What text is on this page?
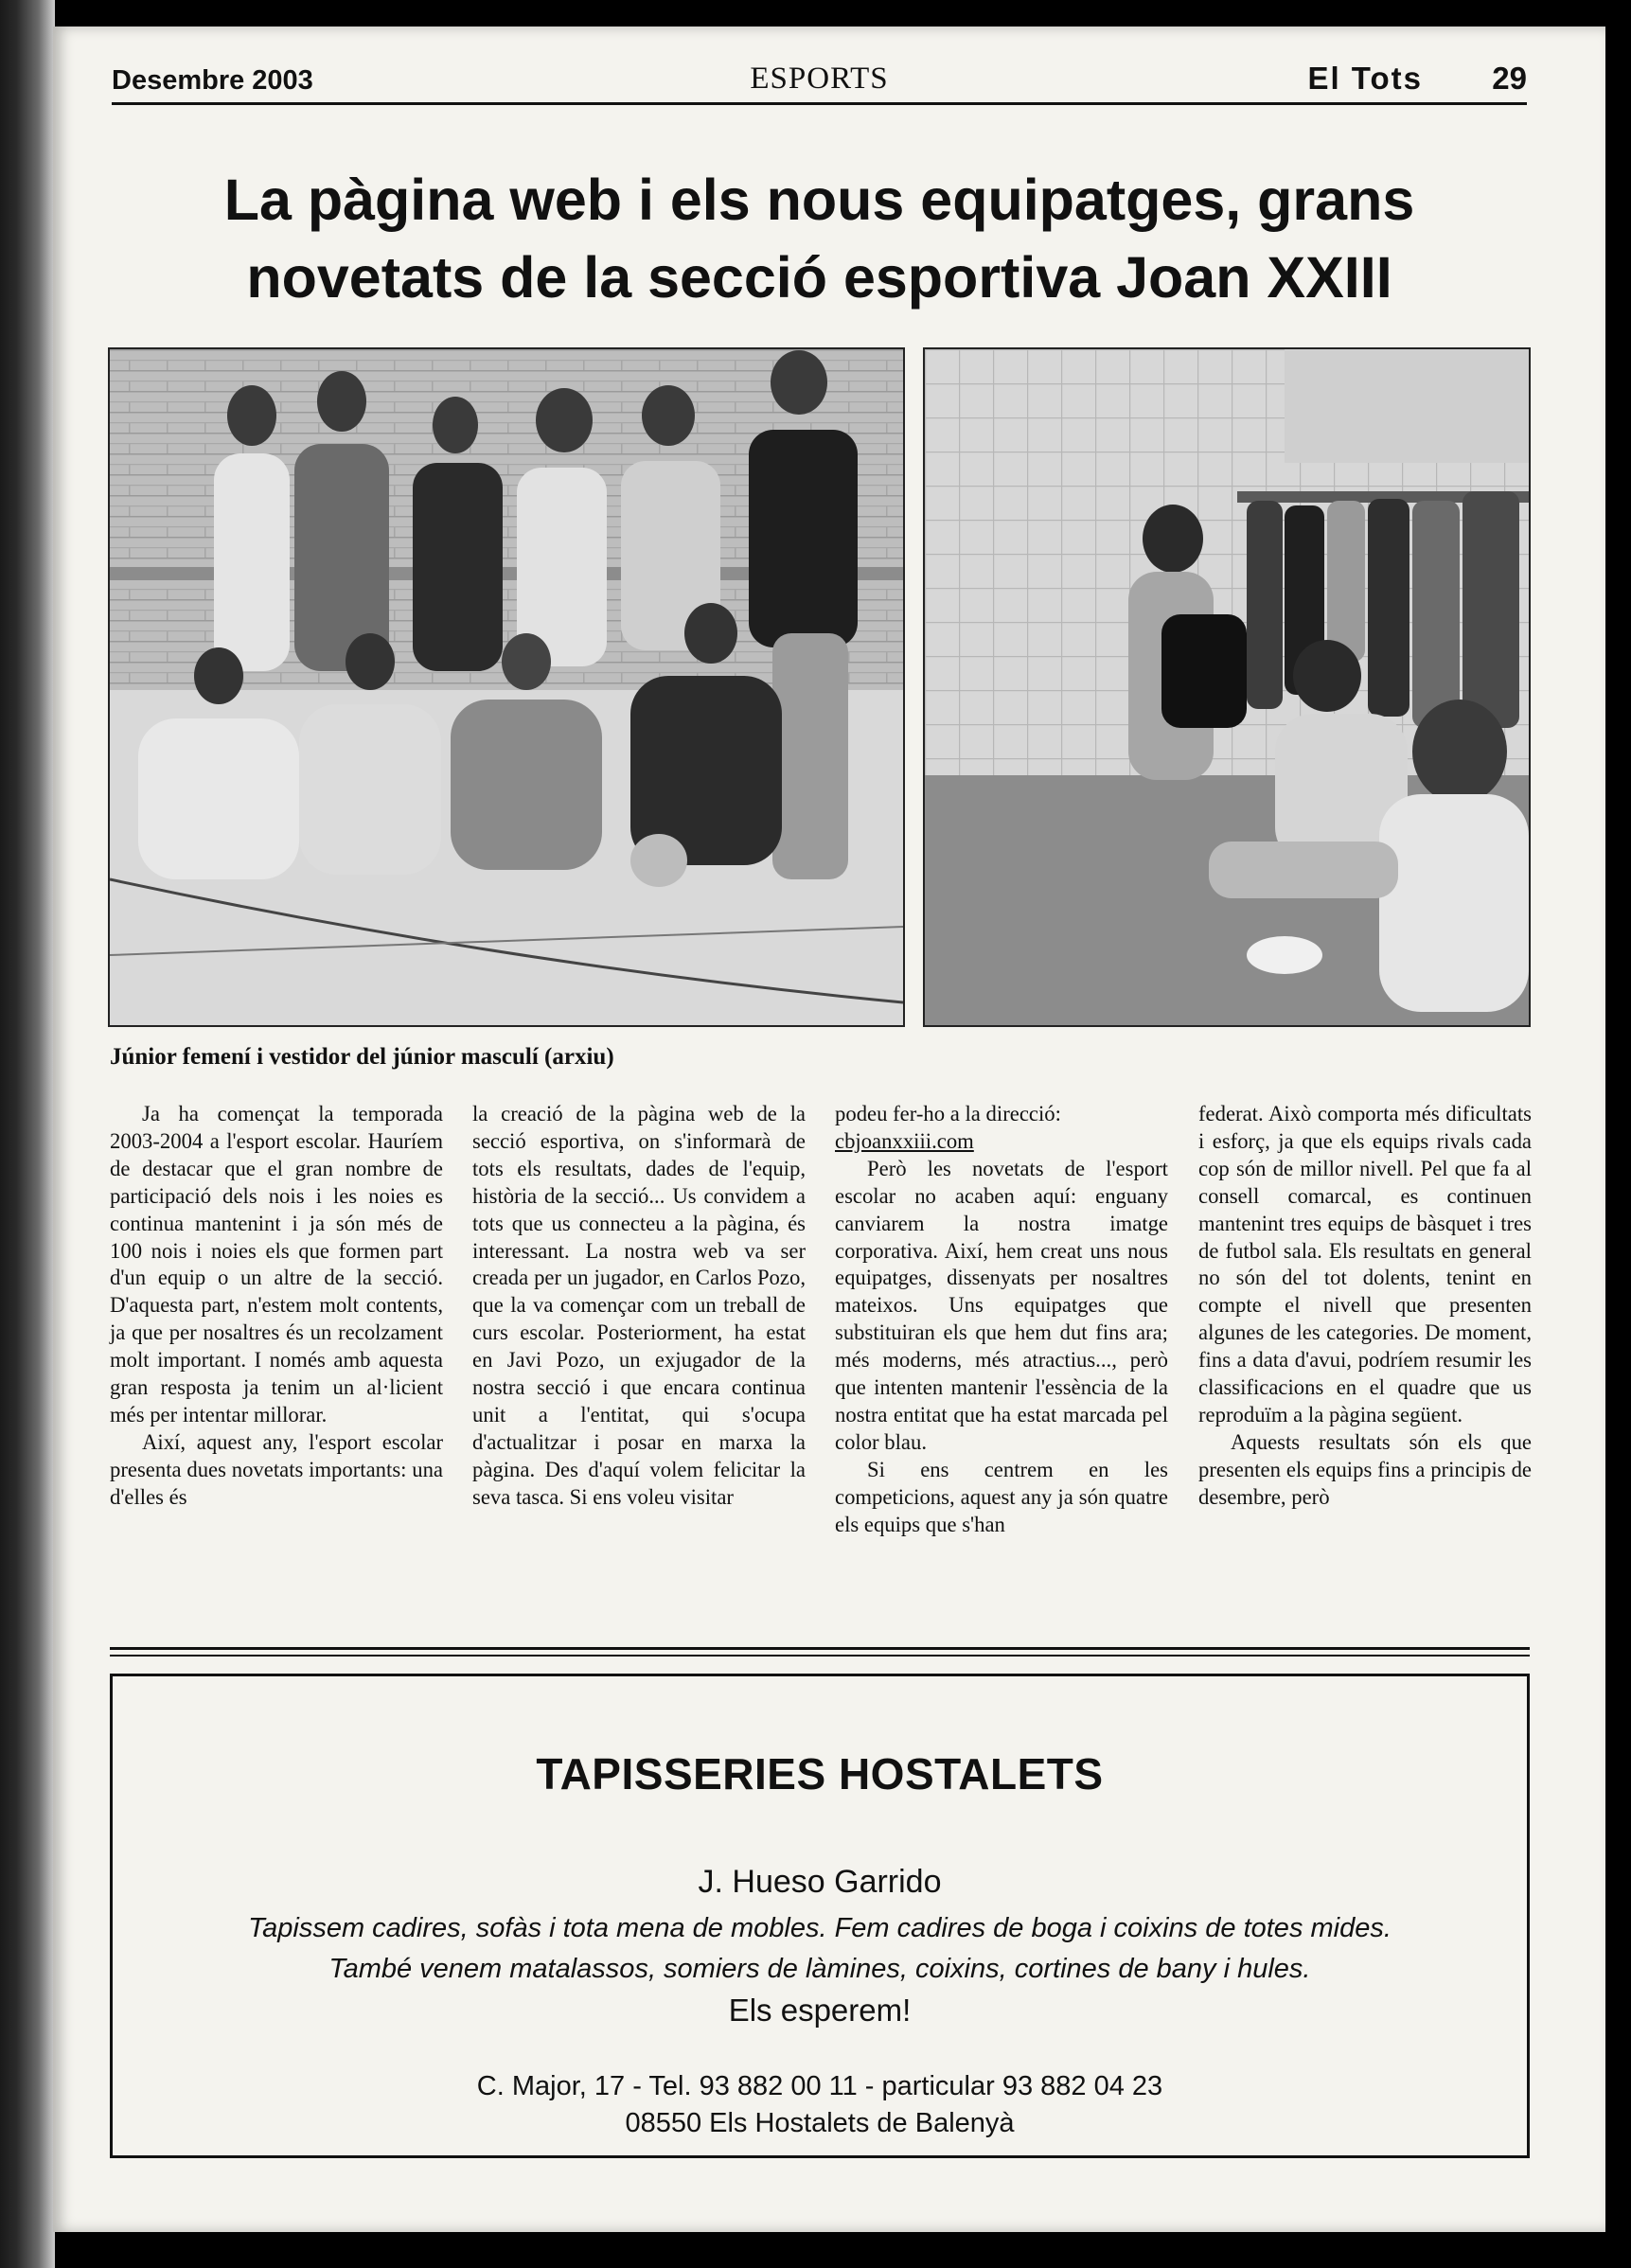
Desembre 2003	ESPORTS	El Tots 29
La pàgina web i els nous equipatges, grans
novetats de la secció esportiva Joan XXIII
Júnior femení i vestidor del júnior masculí (arxiu)

Ja ha començat la temporada 2003-2004 a l'esport escolar. Hauríem de destacar que el gran nombre de participació dels nois i les noies es continua mantenint i ja són més de 100 nois i noies els que formen part d'un equip o un altre de la secció. D'aquesta part, n'estem molt contents, ja que per nosaltres és un recolzament molt important. I només amb aquesta gran resposta ja tenim un al·licient més per intentar millorar.

Així, aquest any, l'esport escolar presenta dues novetats importants: una d'elles és

la creació de la pàgina web de la secció esportiva, on s'informarà de tots els resultats, dades de l'equip, història de la secció... Us convidem a tots que us connecteu a la pàgina, és interessant. La nostra web va ser creada per un jugador, en Carlos Pozo, que la va començar com un treball de curs escolar. Posteriorment, ha estat en Javi Pozo, un exjugador de la nostra secció i que encara continua unit a l'entitat, qui s'ocupa d'actualitzar i posar en marxa la pàgina. Des d'aquí volem felicitar la seva tasca. Si ens voleu visitar

podeu fer-ho a la direcció:
cbjoanxxiii.com

Però les novetats de l'esport escolar no acaben aquí: enguany canviarem la nostra imatge corporativa. Així, hem creat uns nous equipatges, dissenyats per nosaltres mateixos. Uns equipatges que substituiran els que hem dut fins ara; més moderns, més atractius..., però que intenten mantenir l'essència de la nostra entitat que ha estat marcada pel color blau.

Si ens centrem en les competicions, aquest any ja són quatre els equips que s'han

federat. Això comporta més dificultats i esforç, ja que els equips rivals cada cop són de millor nivell. Pel que fa al consell comarcal, es continuen mantenint tres equips de bàsquet i tres de futbol sala. Els resultats en general no són del tot dolents, tenint en compte el nivell que presenten algunes de les categories. De moment, fins a data d'avui, podríem resumir les classificacions en el quadre que us reproduïm a la pàgina següent.

Aquests resultats són els que presenten els equips fins a principis de desembre, però

TAPISSERIES HOSTALETS
J. Hueso Garrido
Tapissem cadires, sofàs i tota mena de mobles. Fem cadires de boga i coixins de totes mides.
També venem matalassos, somiers de làmines, coixins, cortines de bany i hules.
Els esperem!
C. Major, 17 - Tel. 93 882 00 11 - particular 93 882 04 23
08550 Els Hostalets de Balenyà
